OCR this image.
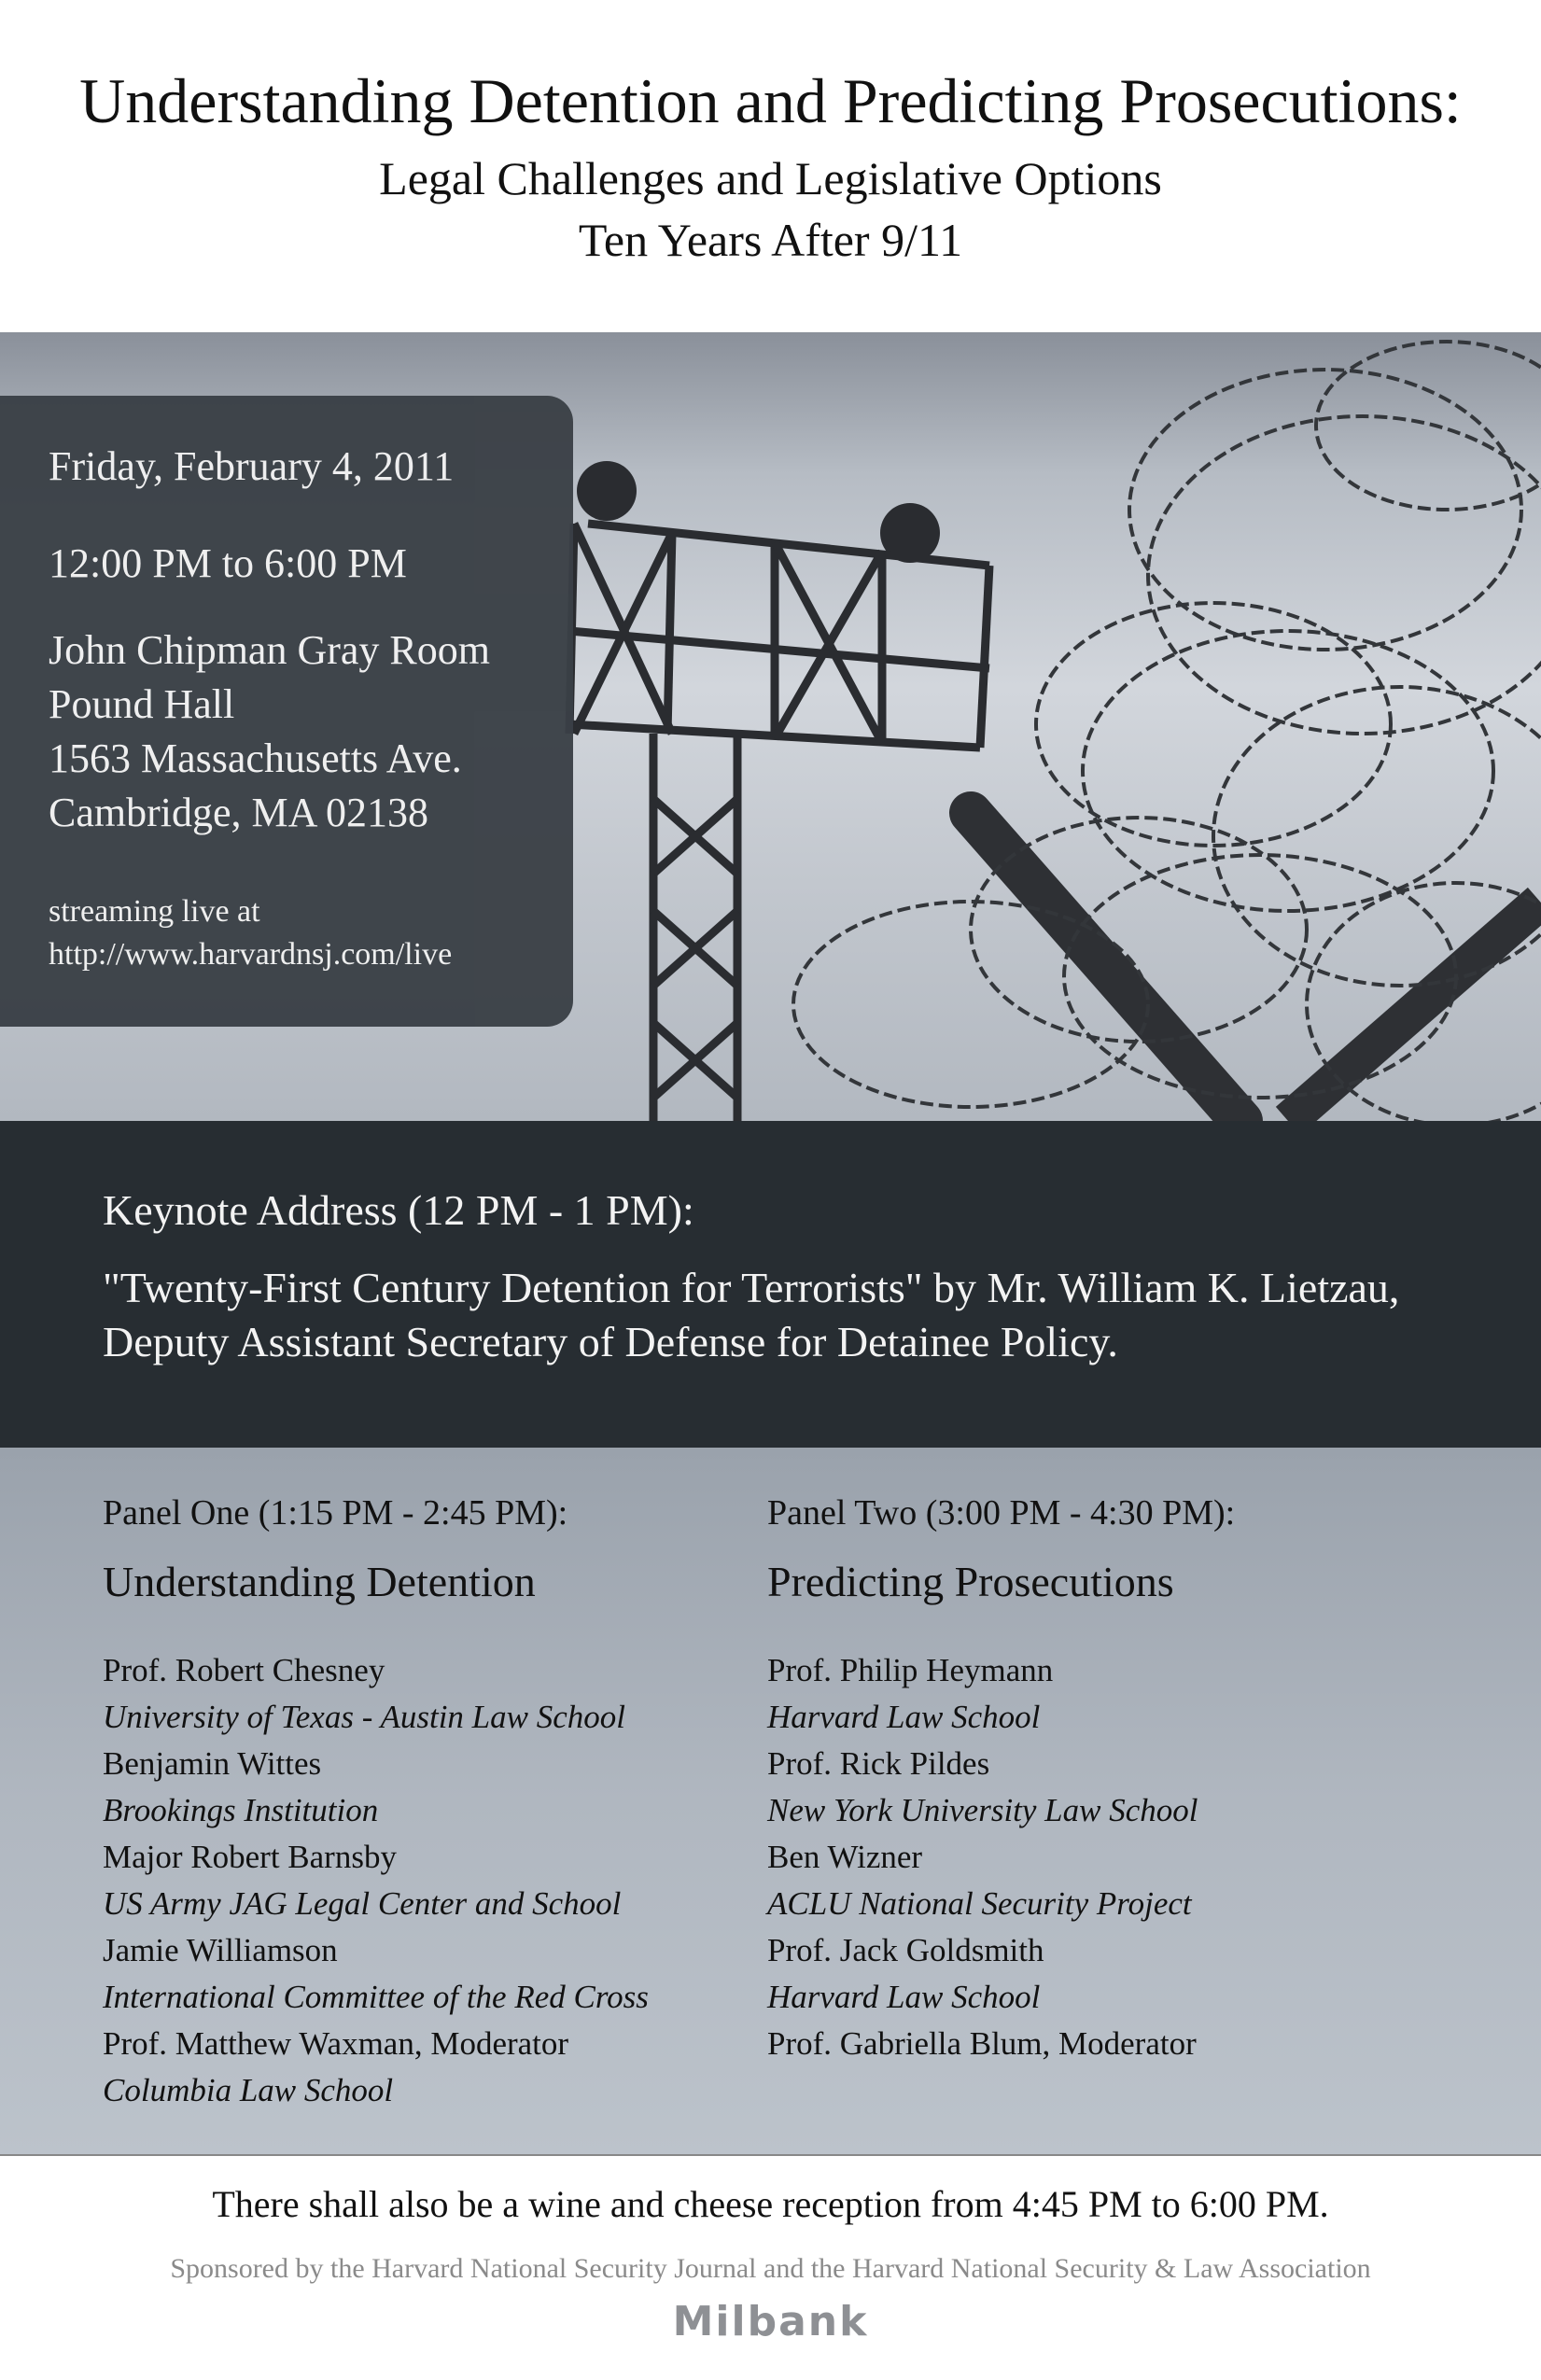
Understanding Detention and Predicting Prosecutions:
Legal Challenges and Legislative Options
Ten Years After 9/11
Friday, February 4, 2011
12:00 PM to 6:00 PM
John Chipman Gray Room
Pound Hall
1563 Massachusetts Ave.
Cambridge, MA 02138
streaming live at
http://www.harvardnsj.com/live
Keynote Address (12 PM - 1 PM):
"Twenty-First Century Detention for Terrorists" by Mr. William K. Lietzau, Deputy Assistant Secretary of Defense for Detainee Policy.
Panel One (1:15 PM - 2:45 PM):
Understanding Detention
Prof. Robert Chesney
University of Texas - Austin Law School
Benjamin Wittes
Brookings Institution
Major Robert Barnsby
US Army JAG Legal Center and School
Jamie Williamson
International Committee of the Red Cross
Prof. Matthew Waxman, Moderator
Columbia Law School
Panel Two (3:00 PM - 4:30 PM):
Predicting Prosecutions
Prof. Philip Heymann
Harvard Law School
Prof. Rick Pildes
New York University Law School
Ben Wizner
ACLU National Security Project
Prof. Jack Goldsmith
Harvard Law School
Prof. Gabriella Blum, Moderator
There shall also be a wine and cheese reception from 4:45 PM to 6:00 PM.
Sponsored by the Harvard National Security Journal and the Harvard National Security & Law Association
Milbank
